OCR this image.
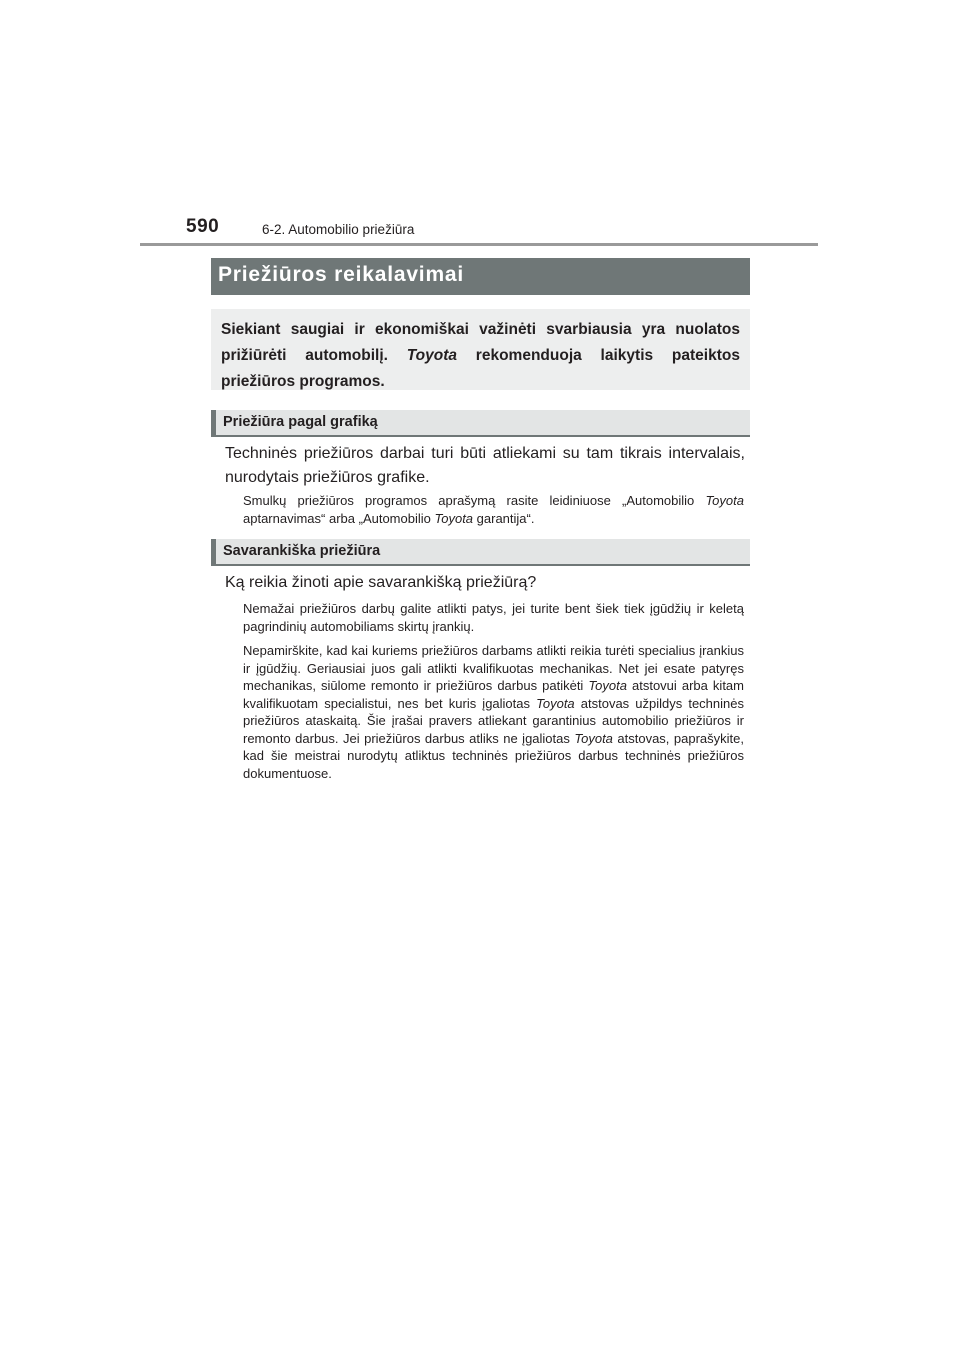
590	6-2. Automobilio priežiūra
Priežiūros reikalavimai
Siekiant saugiai ir ekonomiškai važinėti svarbiausia yra nuolatos prižiūrėti automobilį. Toyota rekomenduoja laikytis pateiktos priežiūros programos.
Priežiūra pagal grafiką
Techninės priežiūros darbai turi būti atliekami su tam tikrais intervalais, nurodytais priežiūros grafike.
Smulkų priežiūros programos aprašymą rasite leidiniuose „Automobilio Toyota aptarnavimas“ arba „Automobilio Toyota garantija“.
Savarankiška priežiūra
Ką reikia žinoti apie savarankišką priežiūrą?
Nemažai priežiūros darbų galite atlikti patys, jei turite bent šiek tiek įgūdžių ir keletą pagrindinių automobiliams skirtų įrankių.
Nepamirškite, kad kai kuriems priežiūros darbams atlikti reikia turėti specialius įrankius ir įgūdžių. Geriausiai juos gali atlikti kvalifikuotas mechanikas. Net jei esate patyręs mechanikas, siūlome remonto ir priežiūros darbus patikėti Toyota atstovui arba kitam kvalifikuotam specialistui, nes bet kuris įgaliotas Toyota atstovas užpildys techninės priežiūros ataskaitą. Šie įrašai pravers atliekant garantinius automobilio priežiūros ir remonto darbus. Jei priežiūros darbus atliks ne įgaliotas Toyota atstovas, paprašykite, kad šie meistrai nurodytų atliktus techninės priežiūros darbus techninės priežiūros dokumentuose.
